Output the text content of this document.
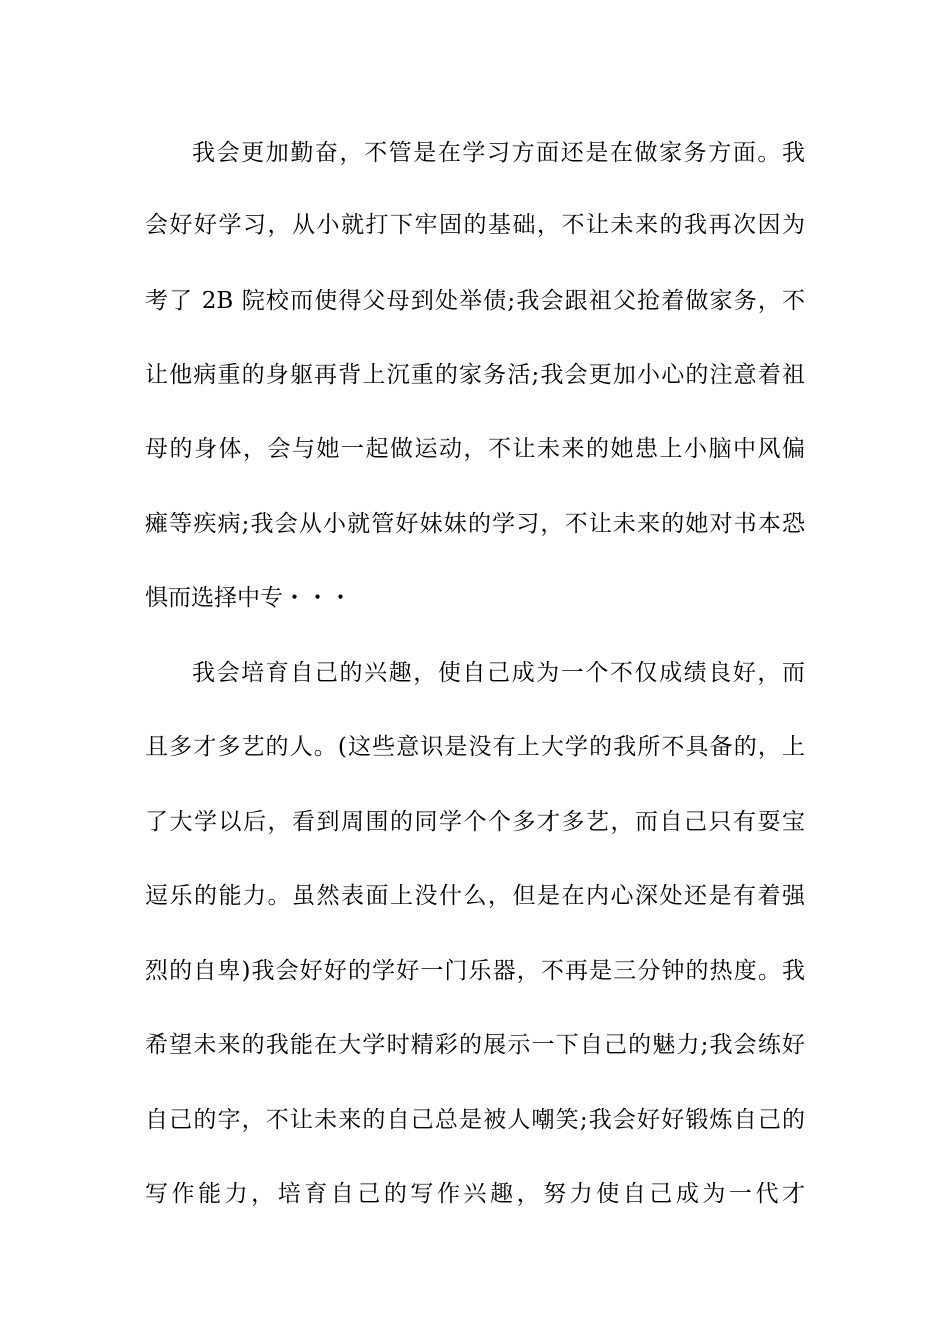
我会更加勤奋，不管是在学习方面还是在做家务方面。我
会好好学习，从小就打下牢固的基础，不让未来的我再次因为
考了 2B 院校而使得父母到处举债;我会跟祖父抢着做家务，不
让他病重的身躯再背上沉重的家务活;我会更加小心的注意着祖
母的身体，会与她一起做运动，不让未来的她患上小脑中风偏
瘫等疾病;我会从小就管好妹妹的学习，不让未来的她对书本恐
惧而选择中专・・・
我会培育自己的兴趣，使自己成为一个不仅成绩良好，而
且多才多艺的人。(这些意识是没有上大学的我所不具备的，上
了大学以后，看到周围的同学个个多才多艺，而自己只有耍宝
逗乐的能力。虽然表面上没什么，但是在内心深处还是有着强
烈的自卑)我会好好的学好一门乐器，不再是三分钟的热度。我
希望未来的我能在大学时精彩的展示一下自己的魅力;我会练好
自己的字，不让未来的自己总是被人嘲笑;我会好好锻炼自己的
写作能力，培育自己的写作兴趣，努力使自己成为一代才
